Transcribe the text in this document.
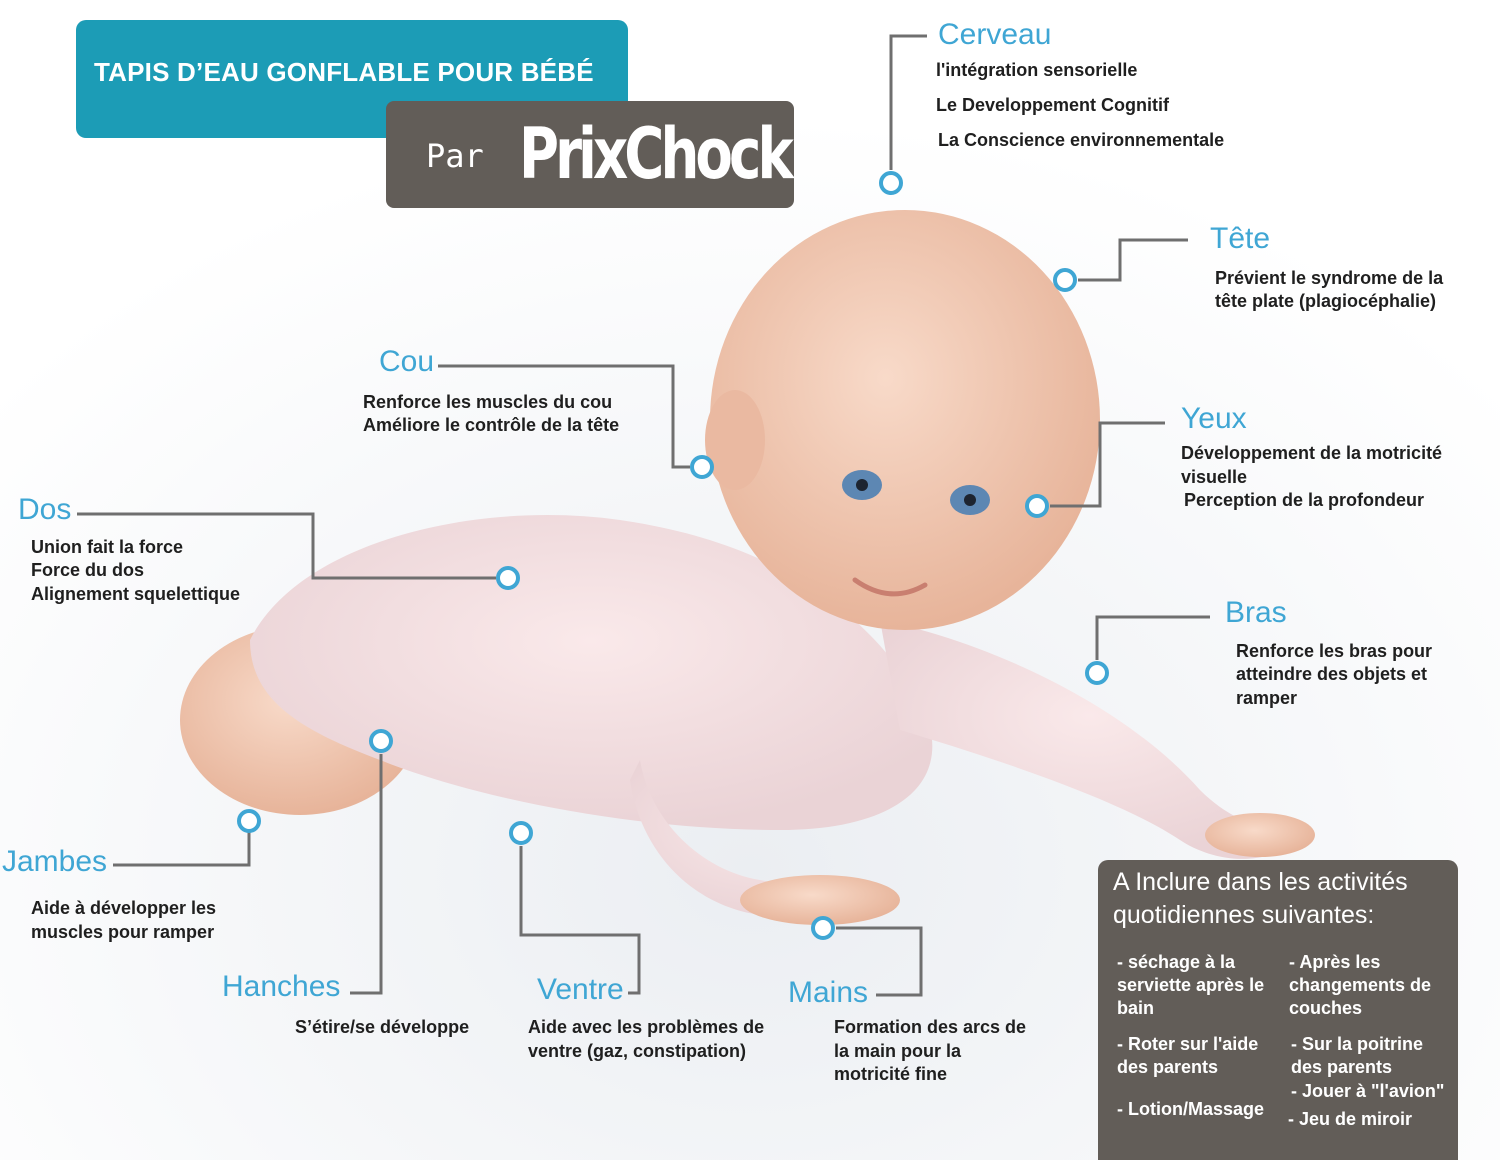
TAPIS D’EAU GONFLABLE POUR BÉBÉ
Par PrixChock
Cerveau
l'intégration sensorielle
Le Developpement Cognitif
La Conscience environnementale
Tête
Prévient le syndrome de la
tête plate (plagiocéphalie)
Cou
Renforce les muscles du cou
Améliore le contrôle de la tête	Yeux
Développement de la motricité
visuelle
Perception de la profondeur
Dos
Union fait la force
Force du dos
Alignement squelettique
Bras
Renforce les bras pour
atteindre des objets et
ramper
Jambes
Aide à développer les
muscles pour ramper
Hanches
S’étire/se développe
Ventre
Aide avec les problèmes de
ventre (gaz, constipation)
Mains
Formation des arcs de
la main pour la
motricité fine
A Inclure dans les activités
quotidiennes suivantes:
- séchage à la
serviette après le
bain
- Roter sur l'aide
des parents
- Lotion/Massage
- Après les
changements de
couches
- Sur la poitrine
des parents
- Jouer à "l'avion"
- Jeu de miroir
